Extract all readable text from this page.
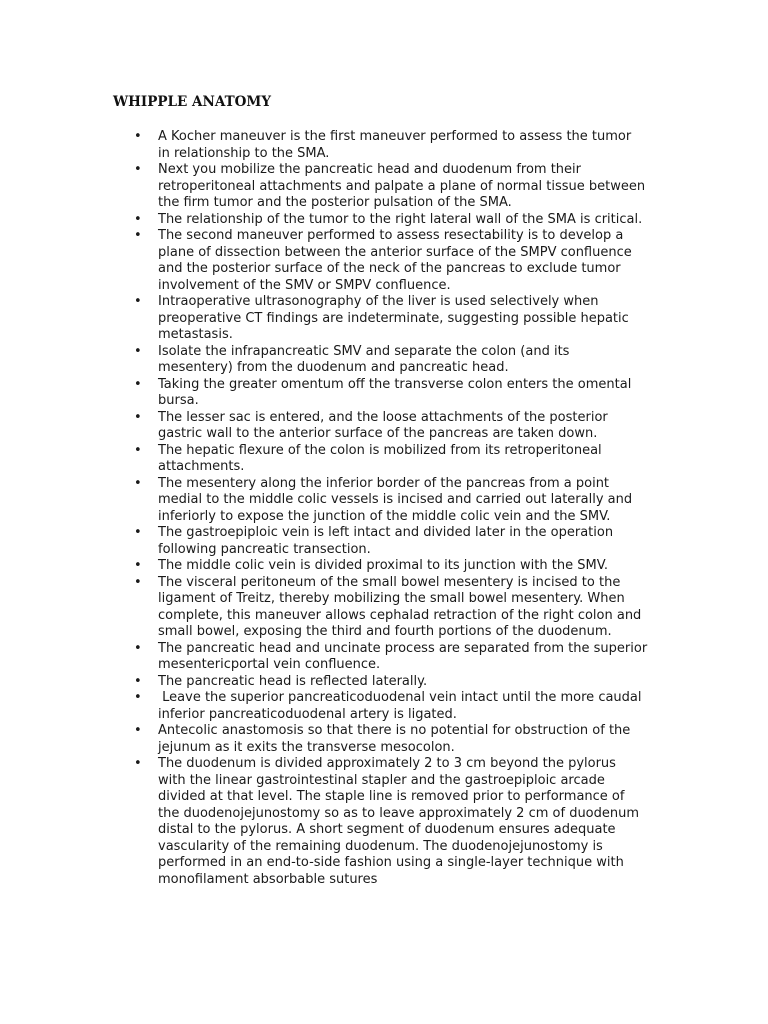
WHIPPLE ANATOMY
• A Kocher maneuver is the first maneuver performed to assess the tumor
in relationship to the SMA.
• Next you mobilize the pancreatic head and duodenum from their
retroperitoneal attachments and palpate a plane of normal tissue between
the firm tumor and the posterior pulsation of the SMA.
• The relationship of the tumor to the right lateral wall of the SMA is critical.
• The second maneuver performed to assess resectability is to develop a
plane of dissection between the anterior surface of the SMPV confluence
and the posterior surface of the neck of the pancreas to exclude tumor
involvement of the SMV or SMPV confluence.
• Intraoperative ultrasonography of the liver is used selectively when
preoperative CT findings are indeterminate, suggesting possible hepatic
metastasis.
• Isolate the infrapancreatic SMV and separate the colon (and its
mesentery) from the duodenum and pancreatic head.
• Taking the greater omentum off the transverse colon enters the omental
bursa.
• The lesser sac is entered, and the loose attachments of the posterior
gastric wall to the anterior surface of the pancreas are taken down.
• The hepatic flexure of the colon is mobilized from its retroperitoneal
attachments.
• The mesentery along the inferior border of the pancreas from a point
medial to the middle colic vessels is incised and carried out laterally and
inferiorly to expose the junction of the middle colic vein and the SMV.
• The gastroepiploic vein is left intact and divided later in the operation
following pancreatic transection.
• The middle colic vein is divided proximal to its junction with the SMV.
• The visceral peritoneum of the small bowel mesentery is incised to the
ligament of Treitz, thereby mobilizing the small bowel mesentery. When
complete, this maneuver allows cephalad retraction of the right colon and
small bowel, exposing the third and fourth portions of the duodenum.
• The pancreatic head and uncinate process are separated from the superior
mesentericportal vein confluence.
• The pancreatic head is reflected laterally.
•	Leave the superior pancreaticoduodenal vein intact until the more caudal
inferior pancreaticoduodenal artery is ligated.
• Antecolic anastomosis so that there is no potential for obstruction of the
jejunum as it exits the transverse mesocolon.
• The duodenum is divided approximately 2 to 3 cm beyond the pylorus
with the linear gastrointestinal stapler and the gastroepiploic arcade
divided at that level. The staple line is removed prior to performance of
the duodenojejunostomy so as to leave approximately 2 cm of duodenum
distal to the pylorus. A short segment of duodenum ensures adequate
vascularity of the remaining duodenum. The duodenojejunostomy is
performed in an end-to-side fashion using a single-layer technique with
monofilament absorbable sutures
